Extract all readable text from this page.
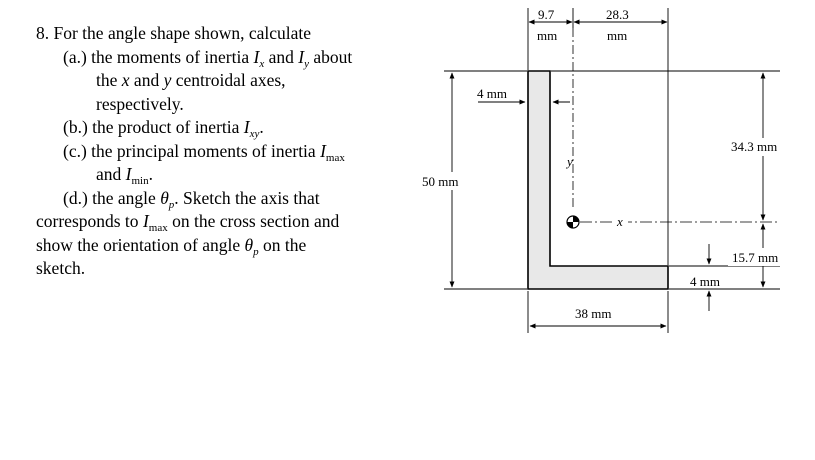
8. For the angle shape shown, calculate
(a.) the moments of inertia $I_x$ and $I_y$ about
the x and y centroidal axes,
respectively.
(b.) the product of inertia $I_{xy}$.
(c.) the principal moments of inertia $I_{max}$
and $I_{min}$.
(d.) the angle $\theta_p$. Sketch the axis that
corresponds to $I_{max}$ on the cross section and
show the orientation of angle $\theta_p$ on the
sketch.
9.7
mm
28.3
mm
50 mm
4 mm
y
x
34.3 mm
15.7 mm
4 mm
38 mm
